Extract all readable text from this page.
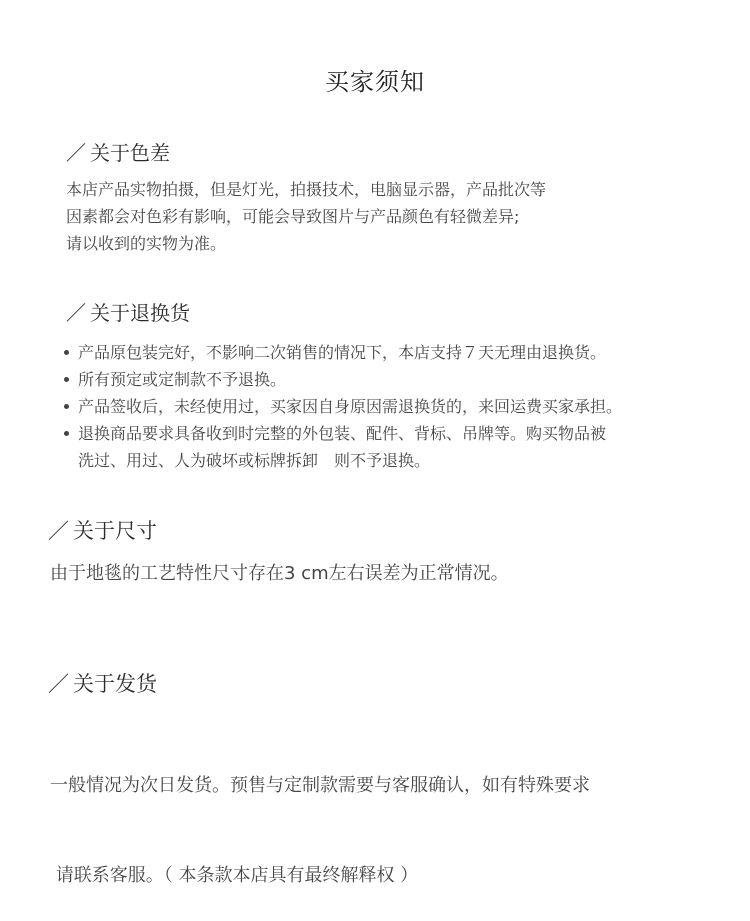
买家须知
／ 关于色差
本店产品实物拍摄，但是灯光，拍摄技术，电脑显示器，产品批次等
因素都会对色彩有影响，可能会导致图片与产品颜色有轻微差异;
请以收到的实物为准。
／ 关于退换货
产品原包装完好，不影响二次销售的情况下，本店支持７天无理由退换货。
所有预定或定制款不予退换。
产品签收后，未经使用过，买家因自身原因需退换货的，来回运费买家承担。
退换商品要求具备收到时完整的外包装、配件、背标、吊牌等。购买物品被
洗过、用过、人为破坏或标牌拆卸　则不予退换。
／ 关于尺寸
由于地毯的工艺特性尺寸存在3 cm左右误差为正常情况。
／ 关于发货

一般情况为次日发货。预售与定制款需要与客服确认，如有特殊要求

请联系客服。（ 本条款本店具有最终解释权 ）
